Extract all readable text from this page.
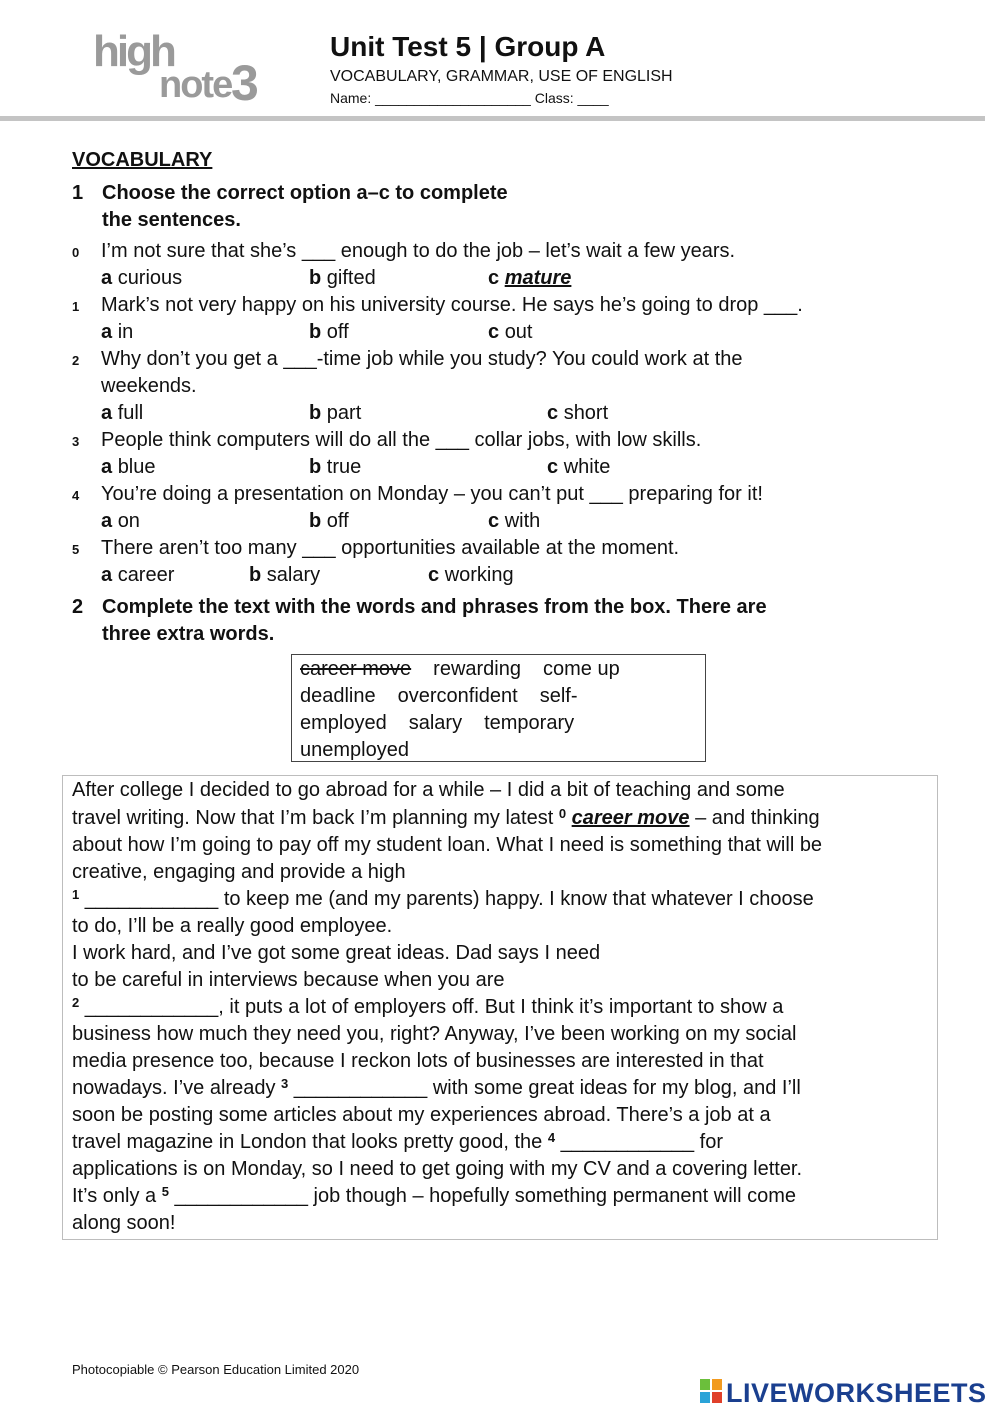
high
note 3
Unit Test 5 | Group A
VOCABULARY, GRAMMAR, USE OF ENGLISH
Name: ____________________ Class: ____
VOCABULARY
1 Choose the correct option a–c to complete
the sentences.
0 I’m not sure that she’s ___ enough to do the job – let’s wait a few years.
a curious	b gifted	c mature
1 Mark’s not very happy on his university course. He says he’s going to drop ___.
a in	b off	c out
2 Why don’t you get a ___-time job while you study? You could work at the
weekends.
a full	b part	c short
3 People think computers will do all the ___ collar jobs, with low skills.
a blue	b true	c white
4 You’re doing a presentation on Monday – you can’t put ___ preparing for it!
a on	b off	c with
5 There aren’t too many ___ opportunities available at the moment.
a career	b salary	c working
2 Complete the text with the words and phrases from the box. There are
three extra words.
career move rewarding come up
deadline overconfident self-
employed salary temporary
unemployed
After college I decided to go abroad for a while – I did a bit of teaching and some
travel writing. Now that I’m back I’m planning my latest $^0$ career move – and thinking
about how I’m going to pay off my student loan. What I need is something that will be
creative, engaging and provide a high
$^1$ ____________ to keep me (and my parents) happy. I know that whatever I choose
to do, I’ll be a really good employee.
I work hard, and I’ve got some great ideas. Dad says I need
to be careful in interviews because when you are
$^2$ ____________, it puts a lot of employers off. But I think it’s important to show a
business how much they need you, right? Anyway, I’ve been working on my social
media presence too, because I reckon lots of businesses are interested in that
nowadays. I’ve already $^3$ ____________ with some great ideas for my blog, and I’ll
soon be posting some articles about my experiences abroad. There’s a job at a
travel magazine in London that looks pretty good, the $^4$ ____________ for
applications is on Monday, so I need to get going with my CV and a covering letter.
It’s only a $^5$ ____________ job though – hopefully something permanent will come
along soon!
Photocopiable © Pearson Education Limited 2020
LIVEWORKSHEETS
